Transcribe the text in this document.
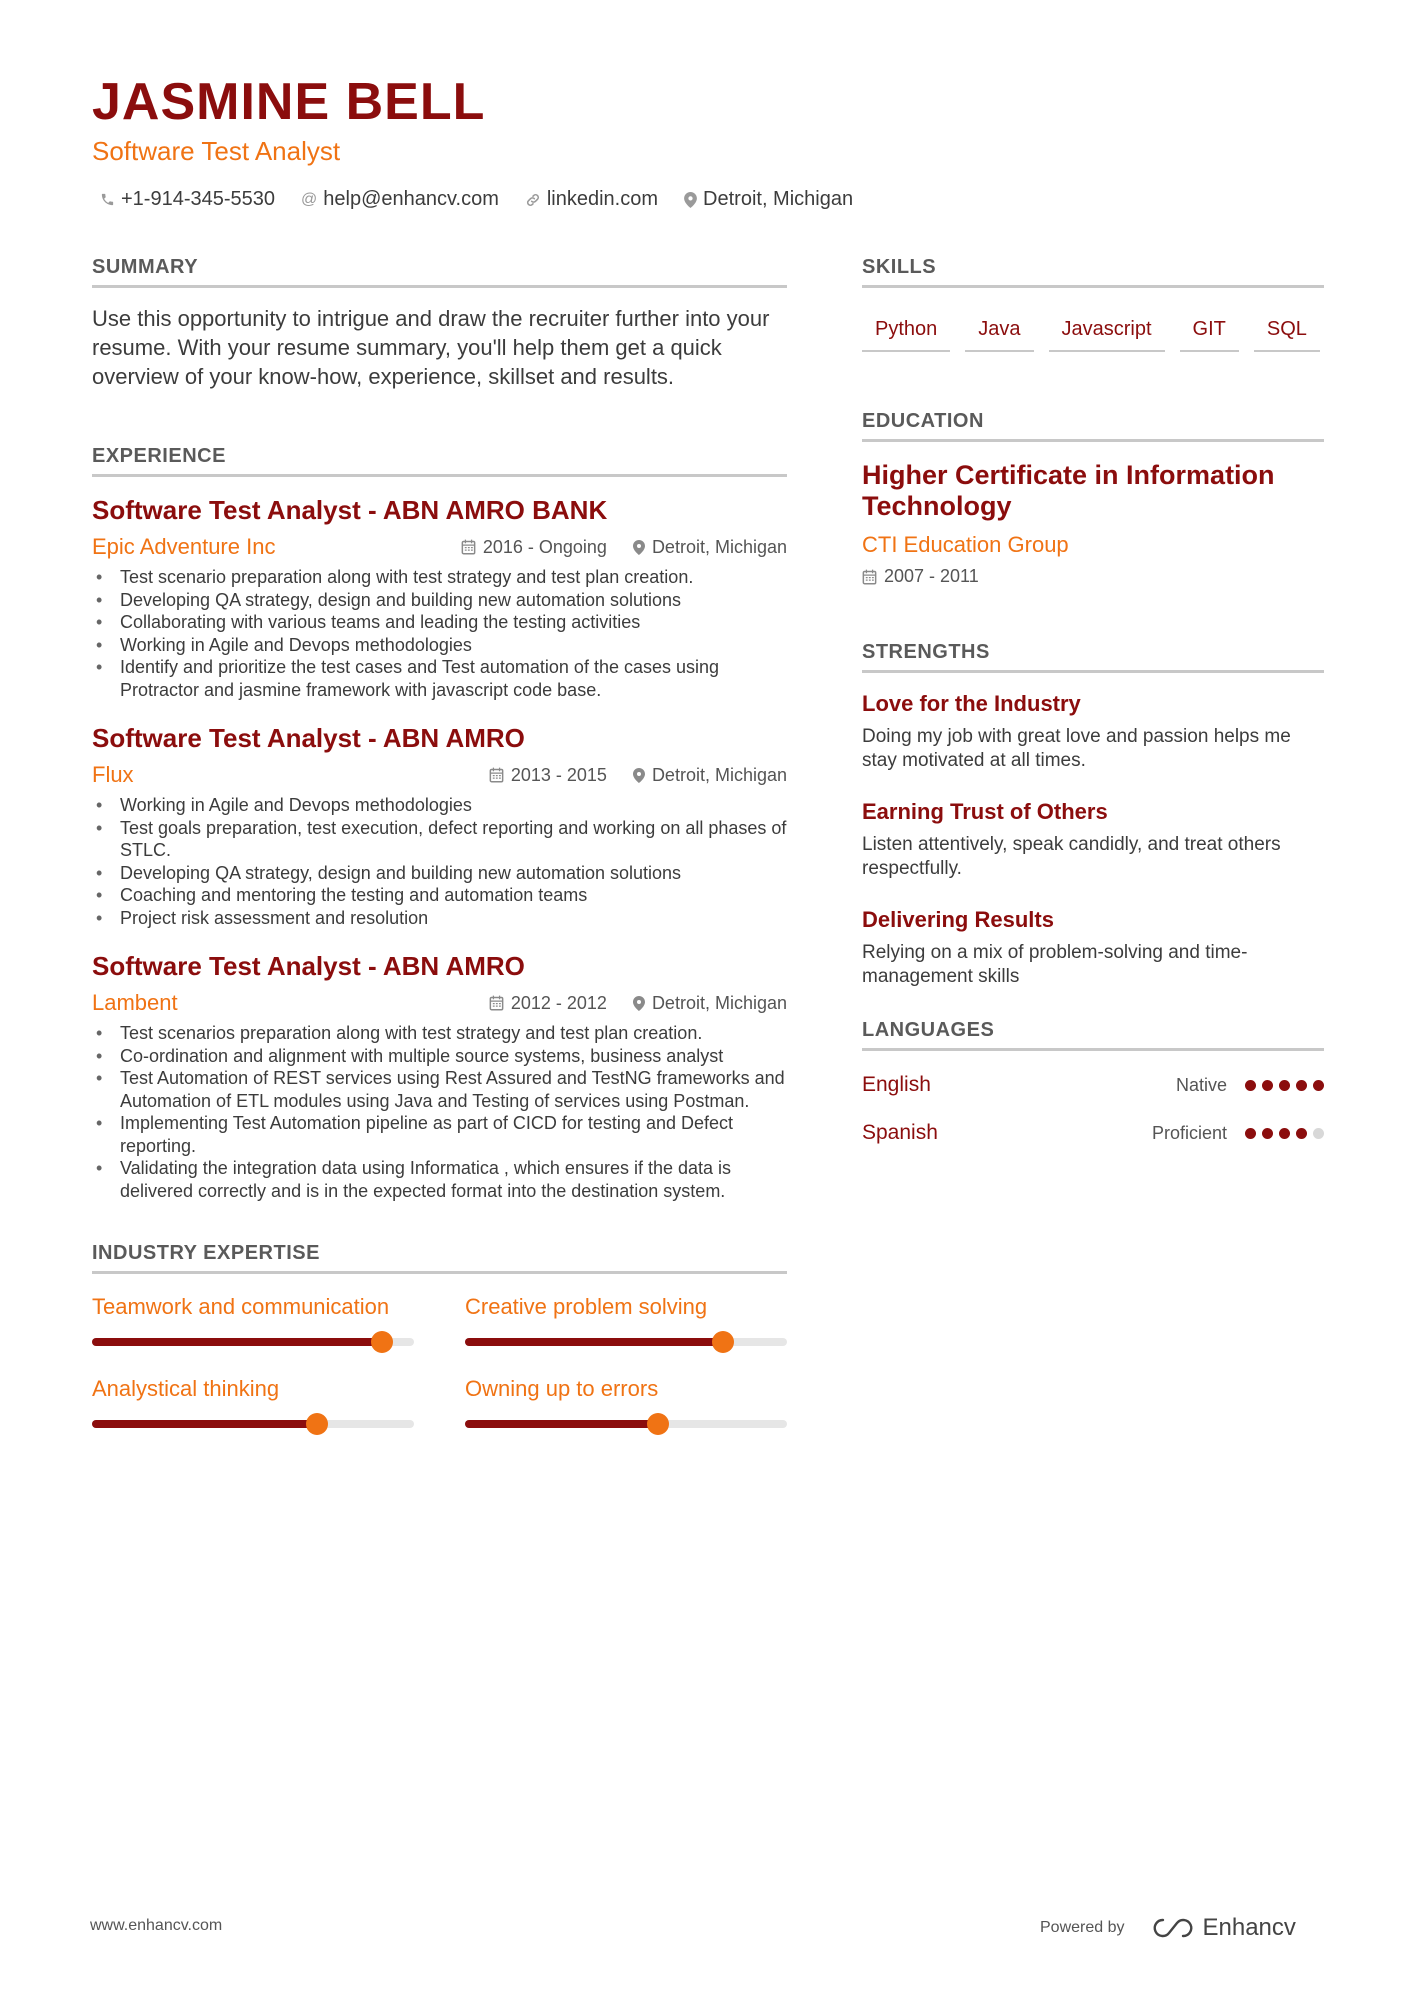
JASMINE BELL
Software Test Analyst
+1-914-345-5530 @ help@enhancv.com linkedin.com Detroit, Michigan
SUMMARY

Use this opportunity to intrigue and draw the recruiter further into your resume. With your resume summary, you'll help them get a quick overview of your know-how, experience, skillset and results.

EXPERIENCE
Software Test Analyst - ABN AMRO BANK
Epic Adventure Inc	2016 - Ongoing	Detroit, Michigan
• Test scenario preparation along with test strategy and test plan creation.
• Developing QA strategy, design and building new automation solutions
• Collaborating with various teams and leading the testing activities
• Working in Agile and Devops methodologies
• Identify and prioritize the test cases and Test automation of the cases using Protractor and jasmine framework with javascript code base.
Software Test Analyst - ABN AMRO
Flux	2013 - 2015	Detroit, Michigan
• Working in Agile and Devops methodologies
• Test goals preparation, test execution, defect reporting and working on all phases of STLC.
• Developing QA strategy, design and building new automation solutions
• Coaching and mentoring the testing and automation teams
• Project risk assessment and resolution
Software Test Analyst - ABN AMRO
Lambent	2012 - 2012	Detroit, Michigan
• Test scenarios preparation along with test strategy and test plan creation.
• Co-ordination and alignment with multiple source systems, business analyst
• Test Automation of REST services using Rest Assured and TestNG frameworks and Automation of ETL modules using Java and Testing of services using Postman.
• Implementing Test Automation pipeline as part of CICD for testing and Defect reporting.
• Validating the integration data using Informatica , which ensures if the data is delivered correctly and is in the expected format into the destination system.
INDUSTRY EXPERTISE
Teamwork and communication	Creative problem solving
Analystical thinking	Owning up to errors
SKILLS
Python	Java	Javascript	GIT	SQL
EDUCATION
Higher Certificate in Information Technology
CTI Education Group
2007 - 2011
STRENGTHS
Love for the Industry

Doing my job with great love and passion helps me stay motivated at all times.

Earning Trust of Others

Listen attentively, speak candidly, and treat others respectfully.

Delivering Results

Relying on a mix of problem-solving and time-management skills

LANGUAGES
English	Native
Spanish	Proficient
www.enhancv.com	Powered by	Enhancv
